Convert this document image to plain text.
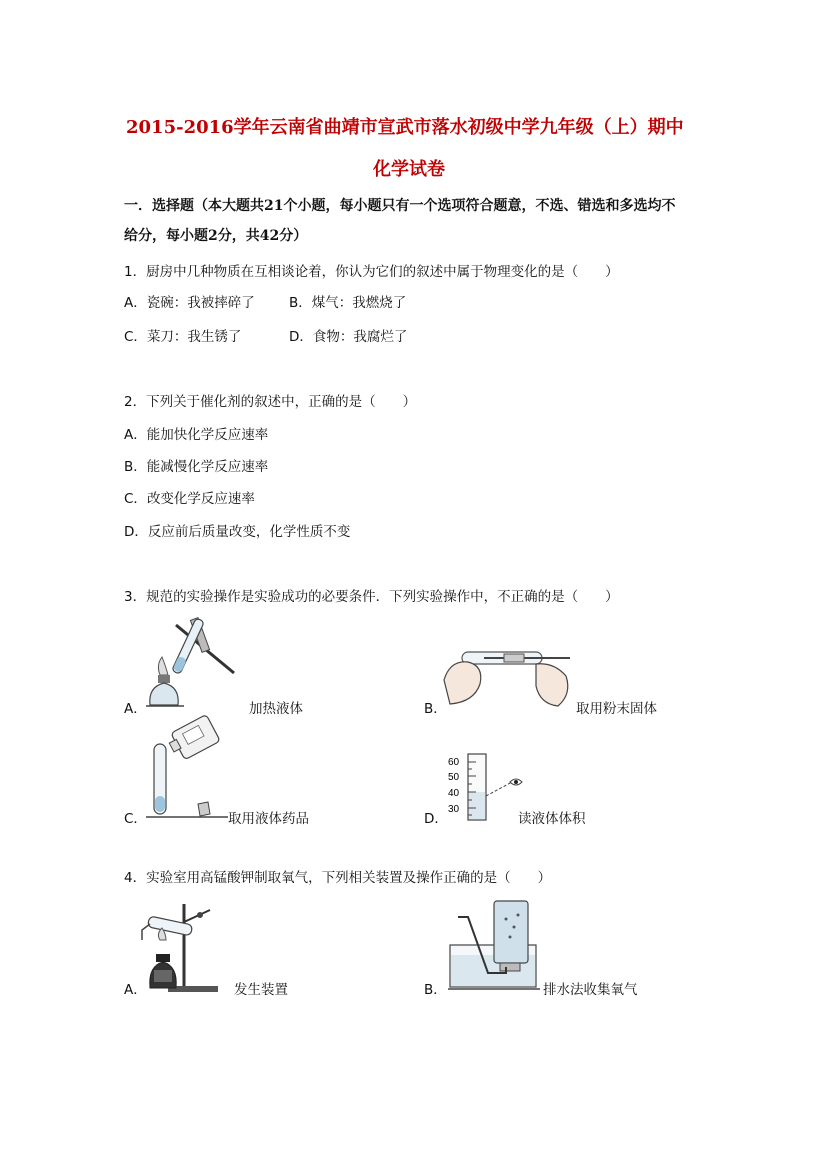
2015-2016学年云南省曲靖市宣武市落水初级中学九年级（上）期中
化学试卷
一．选择题（本大题共21个小题，每小题只有一个选项符合题意，不选、错选和多选均不
给分，每小题2分，共42分）
1．厨房中几种物质在互相谈论着，你认为它们的叙述中属于物理变化的是（　　）
A．瓷碗：我被摔碎了	B．煤气：我燃烧了
C．菜刀：我生锈了	D．食物：我腐烂了
2．下列关于催化剂的叙述中，正确的是（　　）
A．能加快化学反应速率
B．能减慢化学反应速率
C．改变化学反应速率
D．反应前后质量改变，化学性质不变
3．规范的实验操作是实验成功的必要条件．下列实验操作中，不正确的是（　　）
A．	加热液体	B．	取用粉末固体
C．	取用液体药品
60
50
40
30
D．	读液体体积
4．实验室用高锰酸钾制取氧气，下列相关装置及操作正确的是（　　）
A．	发生装置	B．	排水法收集氧气
